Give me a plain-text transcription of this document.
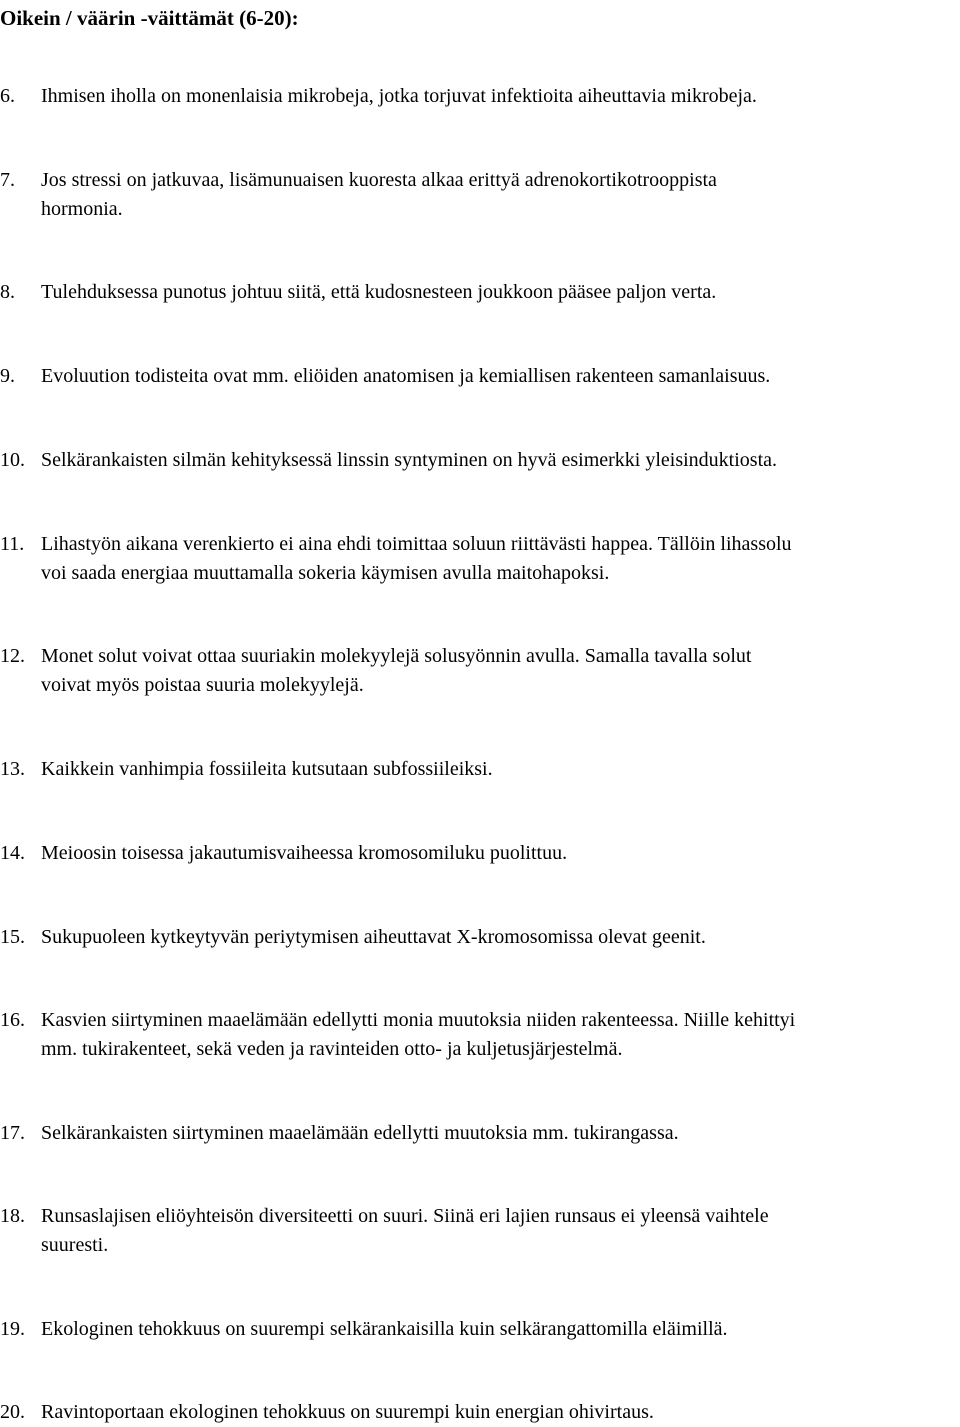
Oikein / väärin -väittämät (6-20):
6.	Ihmisen iholla on monenlaisia mikrobeja, jotka torjuvat infektioita aiheuttavia mikrobeja.
7.	Jos stressi on jatkuvaa, lisämunuaisen kuoresta alkaa erittyä adrenokortikotrooppista
hormonia.
8.	Tulehduksessa punotus johtuu siitä, että kudosnesteen joukkoon pääsee paljon verta.
9.	Evoluution todisteita ovat mm. eliöiden anatomisen ja kemiallisen rakenteen samanlaisuus.
10. Selkärankaisten silmän kehityksessä linssin syntyminen on hyvä esimerkki yleisinduktiosta.
11. Lihastyön aikana verenkierto ei aina ehdi toimittaa soluun riittävästi happea. Tällöin lihassolu
voi saada energiaa muuttamalla sokeria käymisen avulla maitohapoksi.
12. Monet solut voivat ottaa suuriakin molekyylejä solusyönnin avulla. Samalla tavalla solut
voivat myös poistaa suuria molekyylejä.
13. Kaikkein vanhimpia fossiileita kutsutaan subfossiileiksi.
14. Meioosin toisessa jakautumisvaiheessa kromosomiluku puolittuu.
15. Sukupuoleen kytkeytyvän periytymisen aiheuttavat X-kromosomissa olevat geenit.
16. Kasvien siirtyminen maaelämään edellytti monia muutoksia niiden rakenteessa. Niille kehittyi
mm. tukirakenteet, sekä veden ja ravinteiden otto- ja kuljetusjärjestelmä.
17. Selkärankaisten siirtyminen maaelämään edellytti muutoksia mm. tukirangassa.
18. Runsaslajisen eliöyhteisön diversiteetti on suuri. Siinä eri lajien runsaus ei yleensä vaihtele
suuresti.
19. Ekologinen tehokkuus on suurempi selkärankaisilla kuin selkärangattomilla eläimillä.
20. Ravintoportaan ekologinen tehokkuus on suurempi kuin energian ohivirtaus.
